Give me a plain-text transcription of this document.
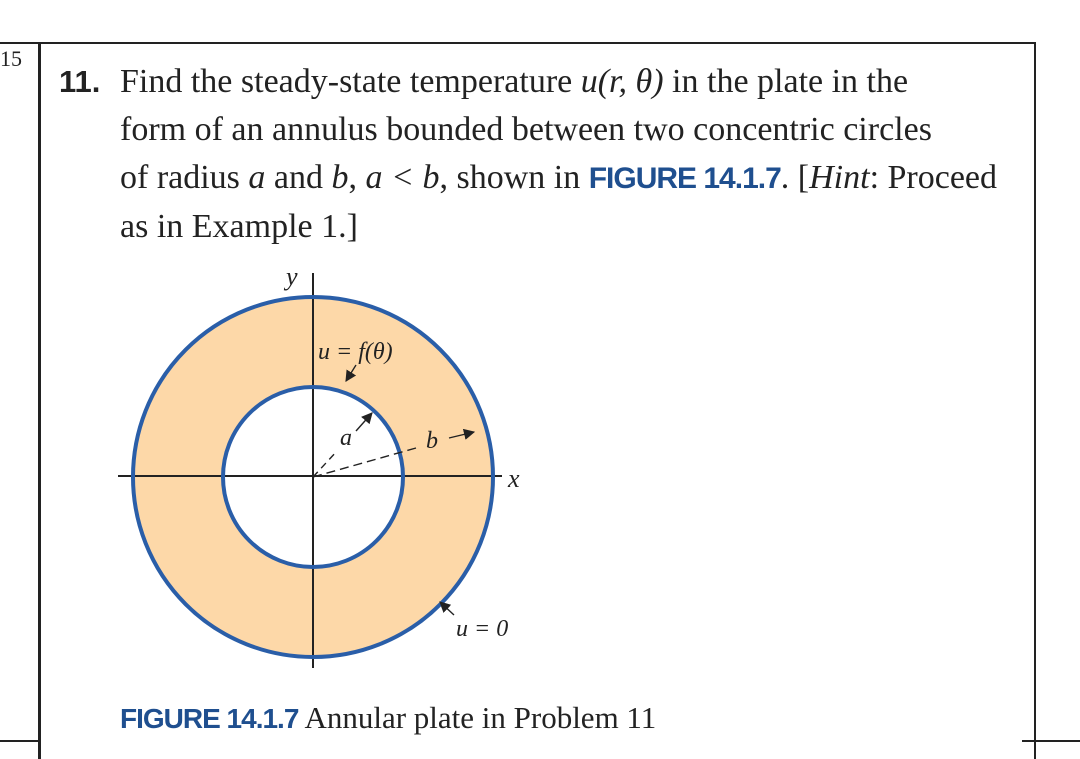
15
11. Find the steady-state temperature u(r, θ) in the plate in the
form of an annulus bounded between two concentric circles
of radius a and b, a < b, shown in FIGURE 14.1.7. [Hint: Proceed
as in Example 1.]
a	b
y
x
u = f(θ)
u = 0
FIGURE 14.1.7 Annular plate in Problem 11
